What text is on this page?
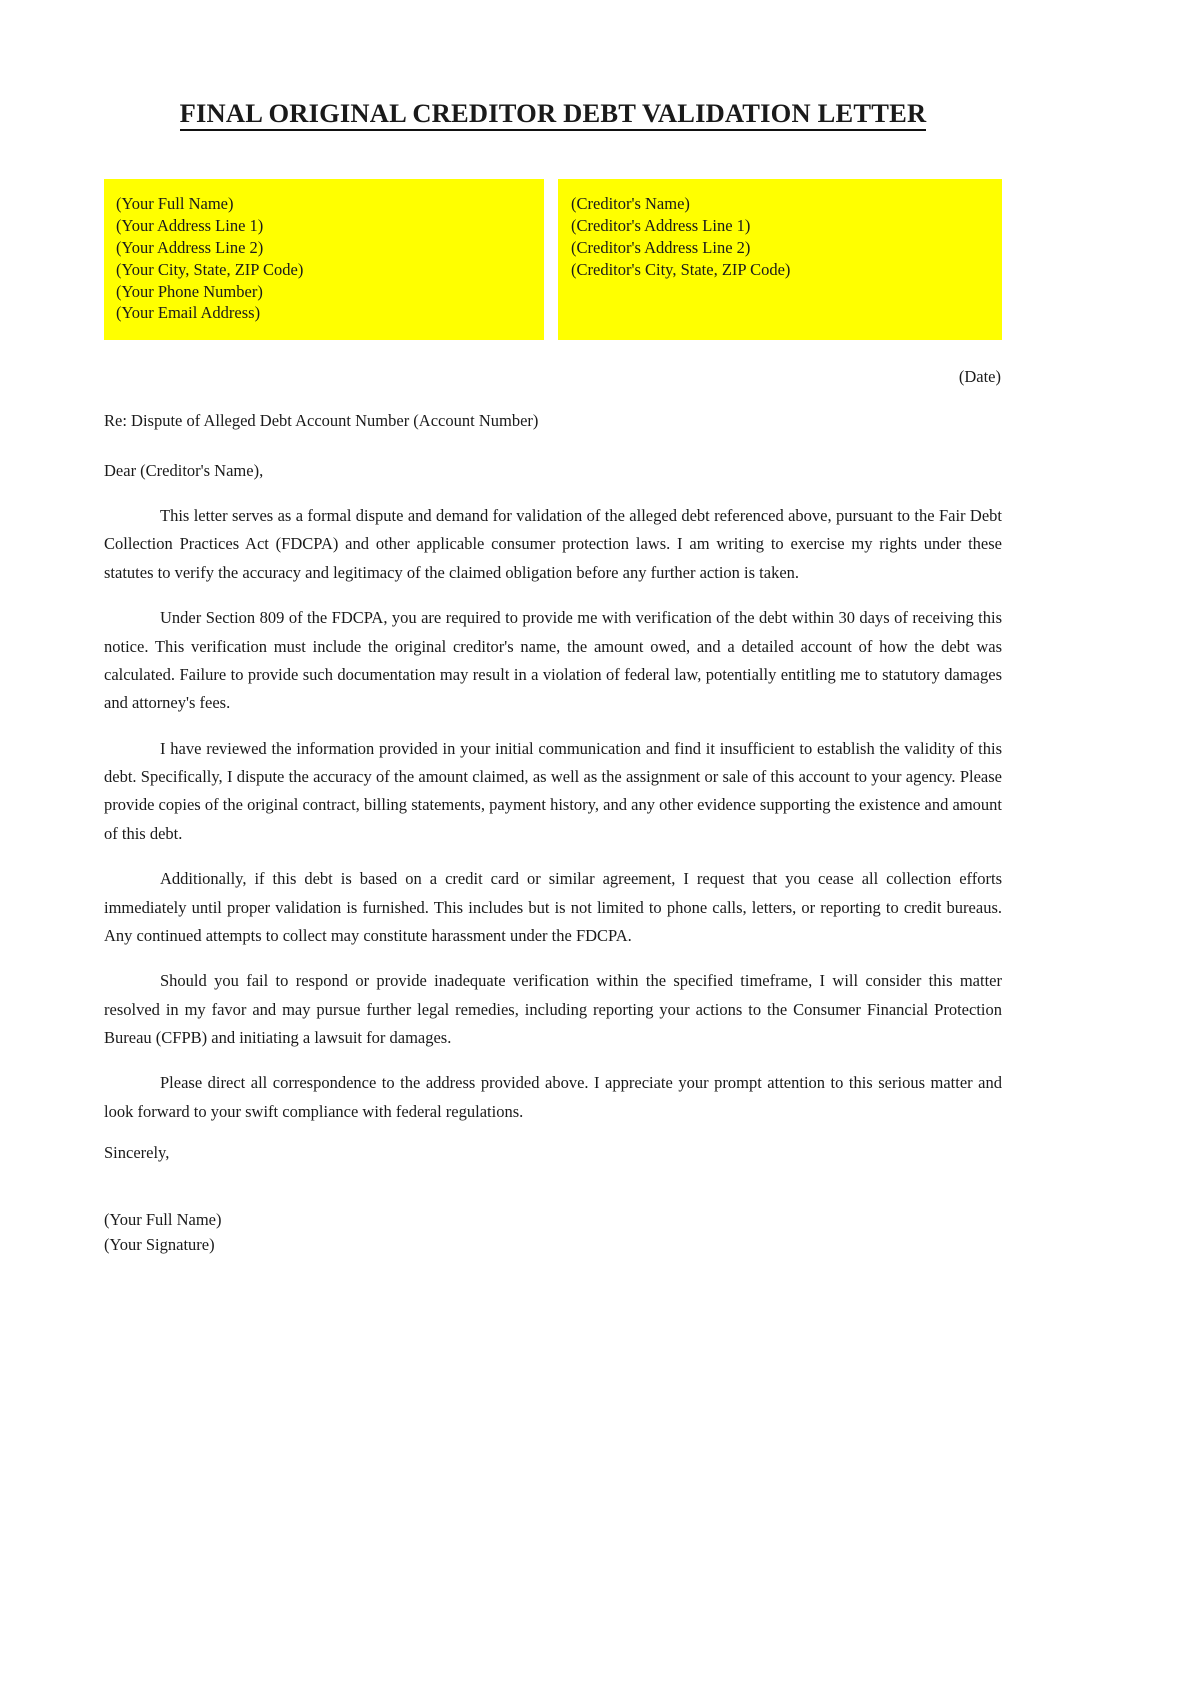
FINAL ORIGINAL CREDITOR DEBT VALIDATION LETTER
(Your Full Name)
(Your Address Line 1)
(Your Address Line 2)
(Your City, State, ZIP Code)
(Your Phone Number)
(Your Email Address)
(Creditor's Name)
(Creditor's Address Line 1)
(Creditor's Address Line 2)
(Creditor's City, State, ZIP Code)
(Date)
Re: Dispute of Alleged Debt Account Number (Account Number)
Dear (Creditor's Name),

This letter serves as a formal dispute and demand for validation of the alleged debt referenced above, pursuant to the Fair Debt Collection Practices Act (FDCPA) and other applicable consumer protection laws. I am writing to exercise my rights under these statutes to verify the accuracy and legitimacy of the claimed obligation before any further action is taken.

Under Section 809 of the FDCPA, you are required to provide me with verification of the debt within 30 days of receiving this notice. This verification must include the original creditor's name, the amount owed, and a detailed account of how the debt was calculated. Failure to provide such documentation may result in a violation of federal law, potentially entitling me to statutory damages and attorney's fees.

I have reviewed the information provided in your initial communication and find it insufficient to establish the validity of this debt. Specifically, I dispute the accuracy of the amount claimed, as well as the assignment or sale of this account to your agency. Please provide copies of the original contract, billing statements, payment history, and any other evidence supporting the existence and amount of this debt.

Additionally, if this debt is based on a credit card or similar agreement, I request that you cease all collection efforts immediately until proper validation is furnished. This includes but is not limited to phone calls, letters, or reporting to credit bureaus. Any continued attempts to collect may constitute harassment under the FDCPA.

Should you fail to respond or provide inadequate verification within the specified timeframe, I will consider this matter resolved in my favor and may pursue further legal remedies, including reporting your actions to the Consumer Financial Protection Bureau (CFPB) and initiating a lawsuit for damages.

Please direct all correspondence to the address provided above. I appreciate your prompt attention to this serious matter and look forward to your swift compliance with federal regulations.

Sincerely,
(Your Full Name)
(Your Signature)
